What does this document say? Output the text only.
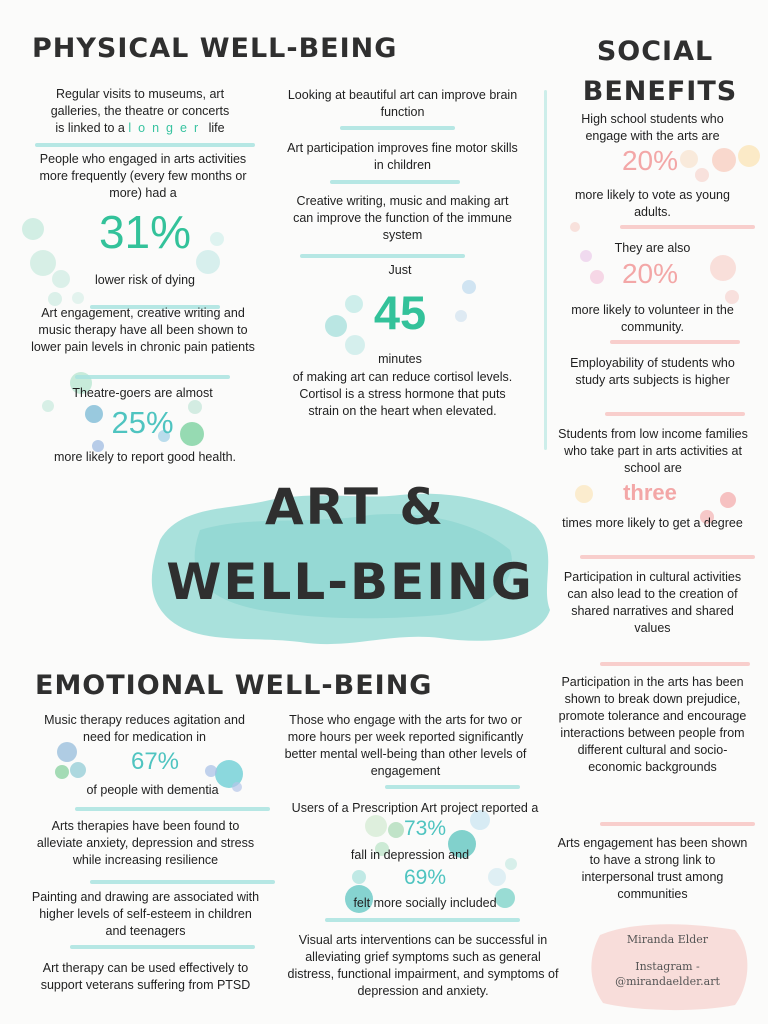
PHYSICAL WELL-BEING
Regular visits to museums, art galleries, the theatre or concerts
is linked to a longer life
People who engaged in arts activities more frequently (every few months or more) had a
31%
lower risk of dying
Art engagement, creative writing and music therapy have all been shown to lower pain levels in chronic pain patients
Theatre-goers are almost
25%
more likely to report good health.
Looking at beautiful art can improve brain function
Art participation improves fine motor skills in children
Creative writing, music and making art can improve the function of the immune system
Just
45
minutes
of making art can reduce cortisol levels. Cortisol is a stress hormone that puts strain on the heart when elevated.
ART &
WELL-BEING
SOCIAL
BENEFITS
High school students who engage with the arts are
20%
more likely to vote as young adults.
They are also
20%
more likely to volunteer in the community.
Employability of students who study arts subjects is higher
Students from low income families who take part in arts activities at school are
three
times more likely to get a degree
Participation in cultural activities can also lead to the creation of shared narratives and shared values
Participation in the arts has been shown to break down prejudice, promote tolerance and encourage interactions between people from different cultural and socio-economic backgrounds
Arts engagement has been shown to have a strong link to interpersonal trust among communities
EMOTIONAL WELL-BEING
Music therapy reduces agitation and need for medication in
67%
of people with dementia
Arts therapies have been found to alleviate anxiety, depression and stress while increasing resilience
Painting and drawing are associated with higher levels of self-esteem in children and teenagers
Art therapy can be used effectively to support veterans suffering from PTSD
Those who engage with the arts for two or more hours per week reported significantly better mental well-being than other levels of engagement
Users of a Prescription Art project reported a
73%
fall in depression and
69%
felt more socially included
Visual arts interventions can be successful in alleviating grief symptoms such as general distress, functional impairment, and symptoms of depression and anxiety.
Miranda Elder
Instagram -
@mirandaelder.art
